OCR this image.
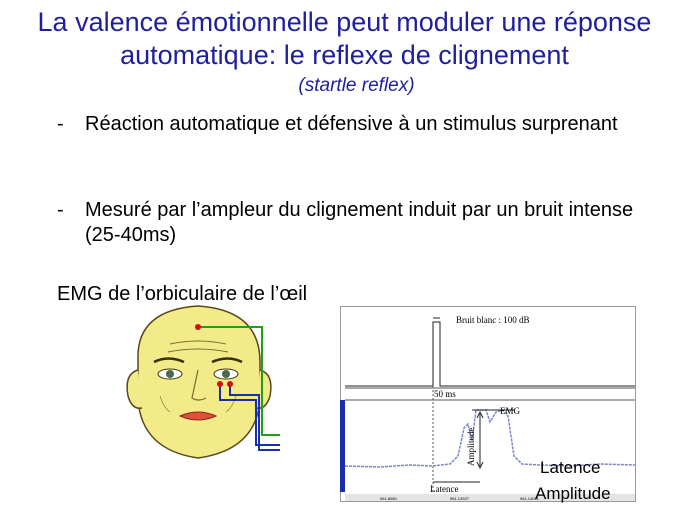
La valence émotionnelle peut moduler une réponse automatique: le reflexe de clignement
(startle reflex)
- Réaction automatique et défensive à un stimulus surprenant
- Mesuré par l’ampleur du clignement induit par un bruit intense (25-40ms)
EMG de l’orbiculaire de l’œil
Bruit blanc : 100 dB
50 ms
EMG
Amplitude
Latence
961,8080	961,13927	961,14021
Latence
Amplitude
